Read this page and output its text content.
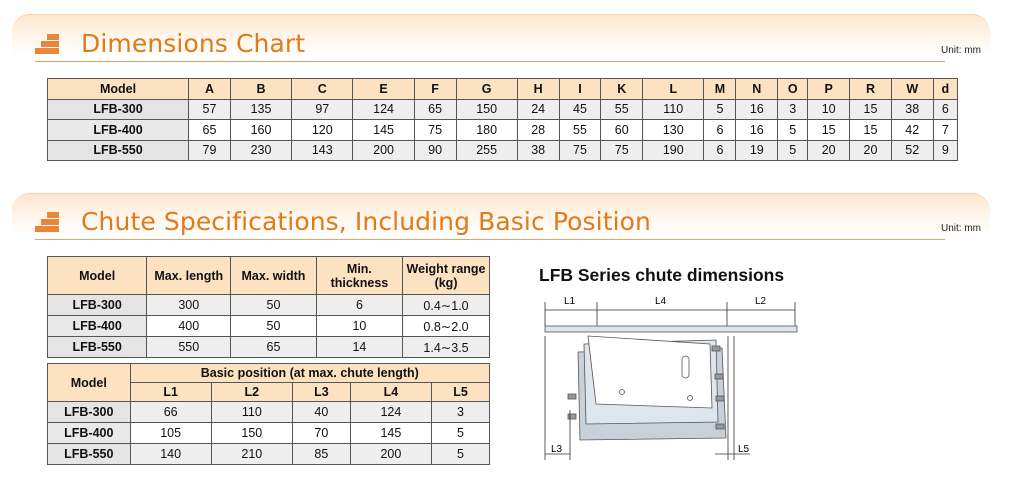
Dimensions Chart	Unit: mm
Model	A	B	C	E	F	G	H	I	K	L	M	N	O	P	R	W	d
LFB-300	57	135	97	124	65	150	24	45	55	110	5	16	3	10	15	38	6
LFB-400	65	160	120	145	75	180	28	55	60	130	6	16	5	15	15	42	7
LFB-550	79	230	143	200	90	255	38	75	75	190	6	19	5	20	20	52	9
Chute Specifications, Including Basic Position	Unit: mm
Model	Max. length	Max. width	Min. thickness	Weight range (kg)
LFB-300	300	50	6	0.4∼1.0
LFB-400	400	50	10	0.8∼2.0
LFB-550	550	65	14	1.4∼3.5
Model	Basic position (at max. chute length)				
	L1	L2	L3	L4	L5
LFB-300	66	110	40	124	3
LFB-400	105	150	70	145	5
LFB-550	140	210	85	200	5
LFB Series chute dimensions
L1	L4	L2
L3	L5
